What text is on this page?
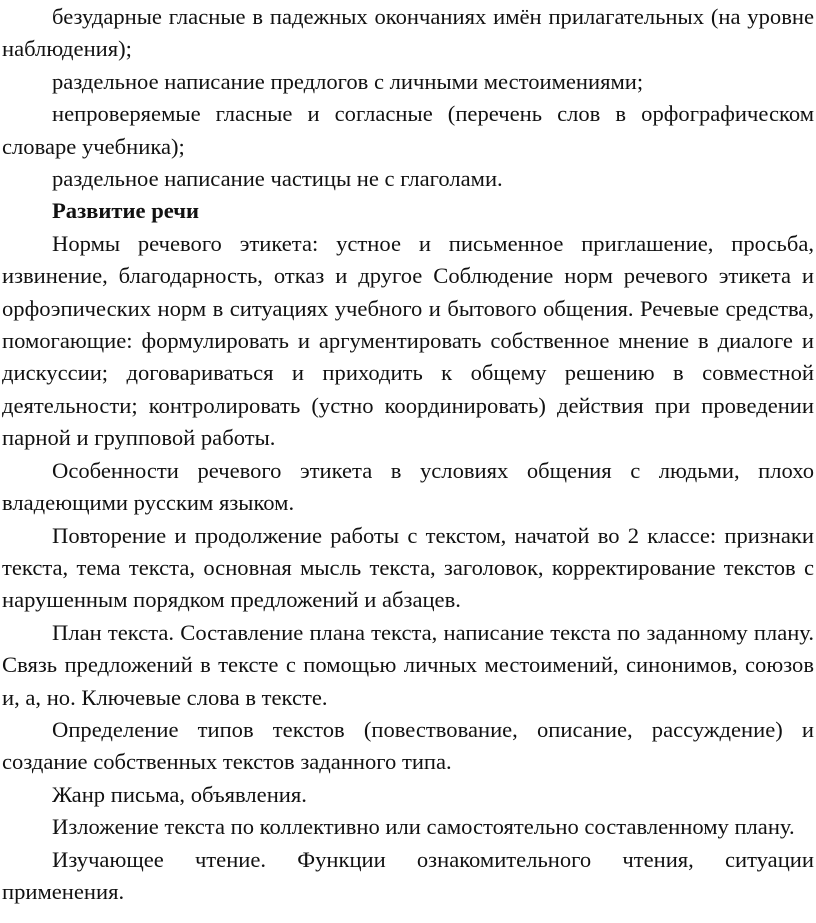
безударные гласные в падежных окончаниях имён прилагательных (на уровне наблюдения);

раздельное написание предлогов с личными местоимениями;

непроверяемые гласные и согласные (перечень слов в орфографическом словаре учебника);

раздельное написание частицы не с глаголами.

Развитие речи

Нормы речевого этикета: устное и письменное приглашение, просьба, извинение, благодарность, отказ и другое Соблюдение норм речевого этикета и орфоэпических норм в ситуациях учебного и бытового общения. Речевые средства, помогающие: формулировать и аргументировать собственное мнение в диалоге и дискуссии; договариваться и приходить к общему решению в совместной деятельности; контролировать (устно координировать) действия при проведении парной и групповой работы.

Особенности речевого этикета в условиях общения с людьми, плохо владеющими русским языком.

Повторение и продолжение работы с текстом, начатой во 2 классе: признаки текста, тема текста, основная мысль текста, заголовок, корректирование текстов с нарушенным порядком предложений и абзацев.

План текста. Составление плана текста, написание текста по заданному плану. Связь предложений в тексте с помощью личных местоимений, синонимов, союзов и, а, но. Ключевые слова в тексте.

Определение типов текстов (повествование, описание, рассуждение) и создание собственных текстов заданного типа.

Жанр письма, объявления.

Изложение текста по коллективно или самостоятельно составленному плану.

Изучающее чтение. Функции ознакомительного чтения, ситуации применения.
